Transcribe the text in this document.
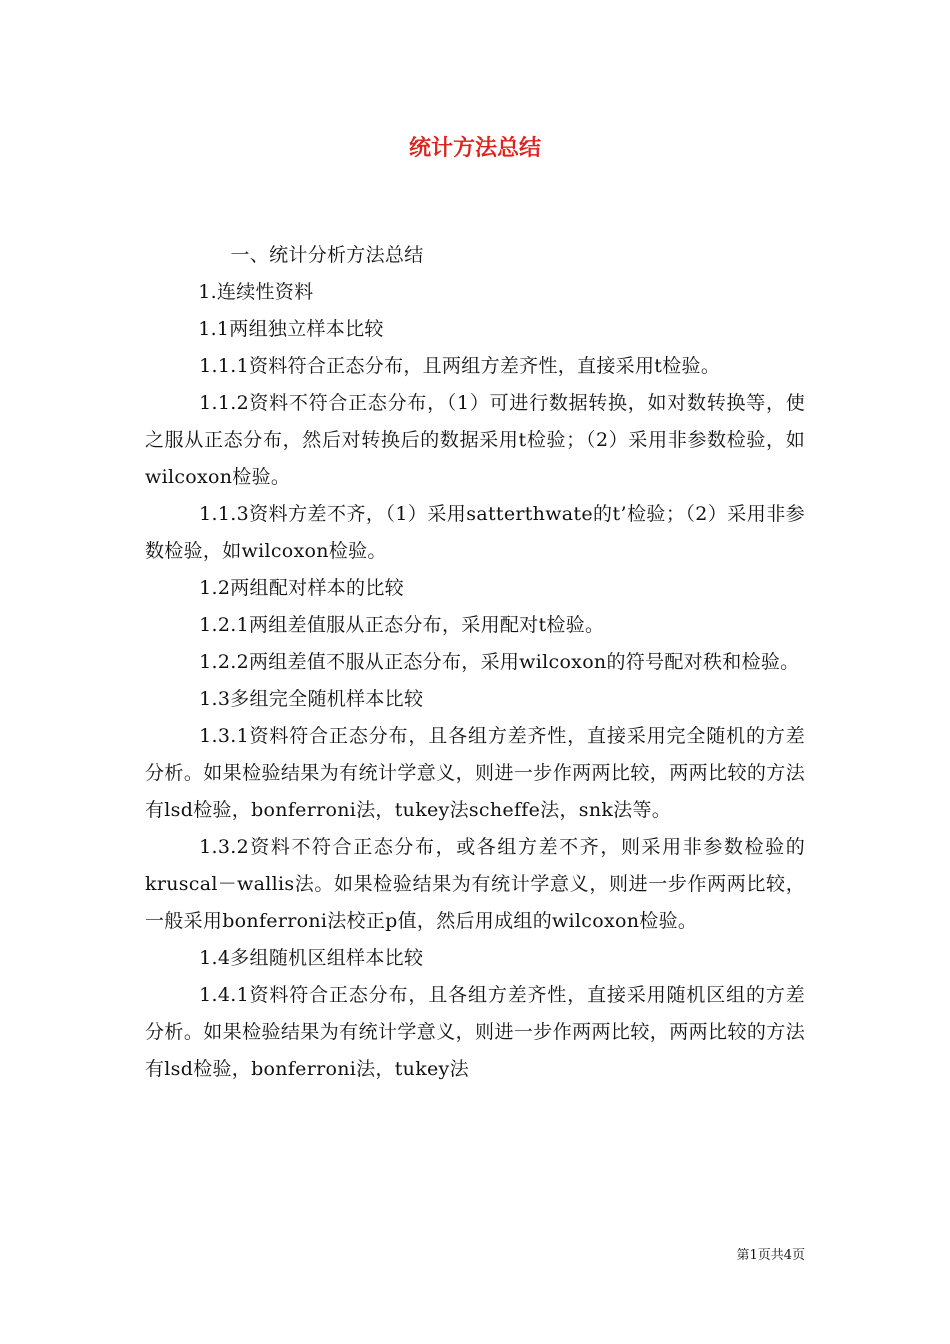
统计方法总结

一、统计分析方法总结

1.连续性资料

1.1两组独立样本比较

1.1.1资料符合正态分布，且两组方差齐性，直接采用t检验。

1.1.2资料不符合正态分布，（1）可进行数据转换，如对数转换等，使之服从正态分布，然后对转换后的数据采用t检验；（2）采用非参数检验，如wilcoxon检验。

1.1.3资料方差不齐，（1）采用satterthwate的t’检验；（2）采用非参数检验，如wilcoxon检验。

1.2两组配对样本的比较

1.2.1两组差值服从正态分布，采用配对t检验。

1.2.2两组差值不服从正态分布，采用wilcoxon的符号配对秩和检验。

1.3多组完全随机样本比较

1.3.1资料符合正态分布，且各组方差齐性，直接采用完全随机的方差分析。如果检验结果为有统计学意义，则进一步作两两比较，两两比较的方法有lsd检验，bonferroni法，tukey法scheffe法，snk法等。

1.3.2资料不符合正态分布，或各组方差不齐，则采用非参数检验的kruscal－wallis法。如果检验结果为有统计学意义，则进一步作两两比较，一般采用bonferroni法校正p值，然后用成组的wilcoxon检验。

1.4多组随机区组样本比较

1.4.1资料符合正态分布，且各组方差齐性，直接采用随机区组的方差分析。如果检验结果为有统计学意义，则进一步作两两比较，两两比较的方法有lsd检验，bonferroni法，tukey法

第1页共4页
